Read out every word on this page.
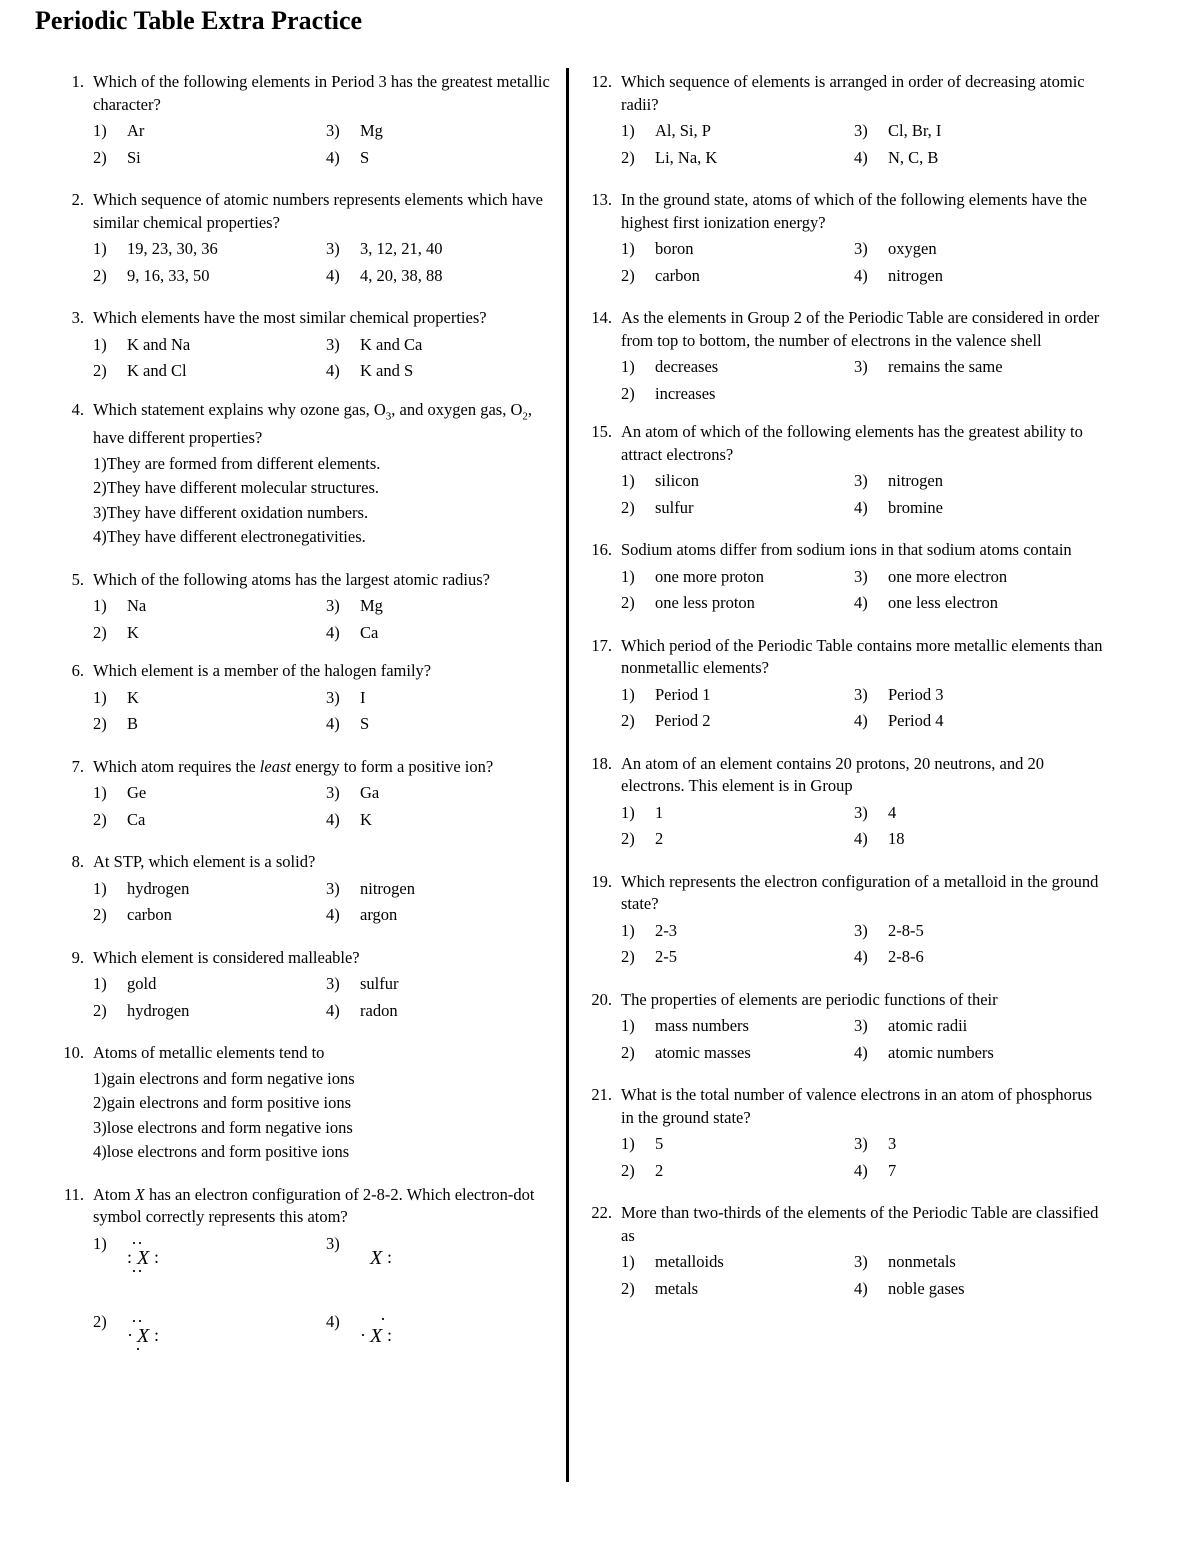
Periodic Table Extra Practice
1. Which of the following elements in Period 3 has the greatest metallic character?

1)	Ar	3)	Mg
2)	Si	4)	S
2. Which sequence of atomic numbers represents elements which have similar chemical properties?

1)	19, 23, 30, 36	3)	3, 12, 21, 40
2)	9, 16, 33, 50	4)	4, 20, 38, 88
3. Which elements have the most similar chemical properties?

1)	K and Na	3)	K and Ca
2)	K and Cl	4)	K and S
4. Which statement explains why ozone gas, $O_3$, and oxygen gas, $O_2$, have different properties?

1)They are formed from different elements.
2)They have different molecular structures.
3)They have different oxidation numbers.
4)They have different electronegativities.
5. Which of the following atoms has the largest atomic radius?

1)	Na	3)	Mg
2)	K	4)	Ca
6. Which element is a member of the halogen family?

1)	K	3)	I
2)	B	4)	S
7. Which atom requires the least energy to form a positive ion?

1)	Ge	3)	Ga
2)	Ca	4)	K
8. At STP, which element is a solid?

1)	hydrogen	3)	nitrogen
2)	carbon	4)	argon
9. Which element is considered malleable?

1)	gold	3)	sulfur
2)	hydrogen	4)	radon
10. Atoms of metallic elements tend to

1)gain electrons and form negative ions
2)gain electrons and form positive ions
3)lose electrons and form negative ions
4)lose electrons and form positive ions
11. Atom X has an electron configuration of 2-8-2. Which electron-dot symbol correctly represents this atom?

1)	··
: X :
··
3)
X :
2)	··
· X :
·
4)	·
· X :
12. Which sequence of elements is arranged in order of decreasing atomic radii?

1)	Al, Si, P	3)	Cl, Br, I
2)	Li, Na, K	4)	N, C, B
13. In the ground state, atoms of which of the following elements have the highest first ionization energy?

1)	boron	3)	oxygen
2)	carbon	4)	nitrogen
14. As the elements in Group 2 of the Periodic Table are considered in order from top to bottom, the number of electrons in the valence shell

1)	decreases	3)	remains the same
2)	increases
15. An atom of which of the following elements has the greatest ability to attract electrons?

1)	silicon	3)	nitrogen
2)	sulfur	4)	bromine
16. Sodium atoms differ from sodium ions in that sodium atoms contain

1)	one more proton	3)	one more electron
2)	one less proton	4)	one less electron
17. Which period of the Periodic Table contains more metallic elements than nonmetallic elements?

1)	Period 1	3)	Period 3
2)	Period 2	4)	Period 4
18. An atom of an element contains 20 protons, 20 neutrons, and 20 electrons. This element is in Group

1)	1	3)	4
2)	2	4)	18
19. Which represents the electron configuration of a metalloid in the ground state?

1)	2-3	3)	2-8-5
2)	2-5	4)	2-8-6
20. The properties of elements are periodic functions of their

1)	mass numbers	3)	atomic radii
2)	atomic masses	4)	atomic numbers
21. What is the total number of valence electrons in an atom of phosphorus in the ground state?

1)	5	3)	3
2)	2	4)	7
22. More than two-thirds of the elements of the Periodic Table are classified as

1)	metalloids	3)	nonmetals
2)	metals	4)	noble gases
